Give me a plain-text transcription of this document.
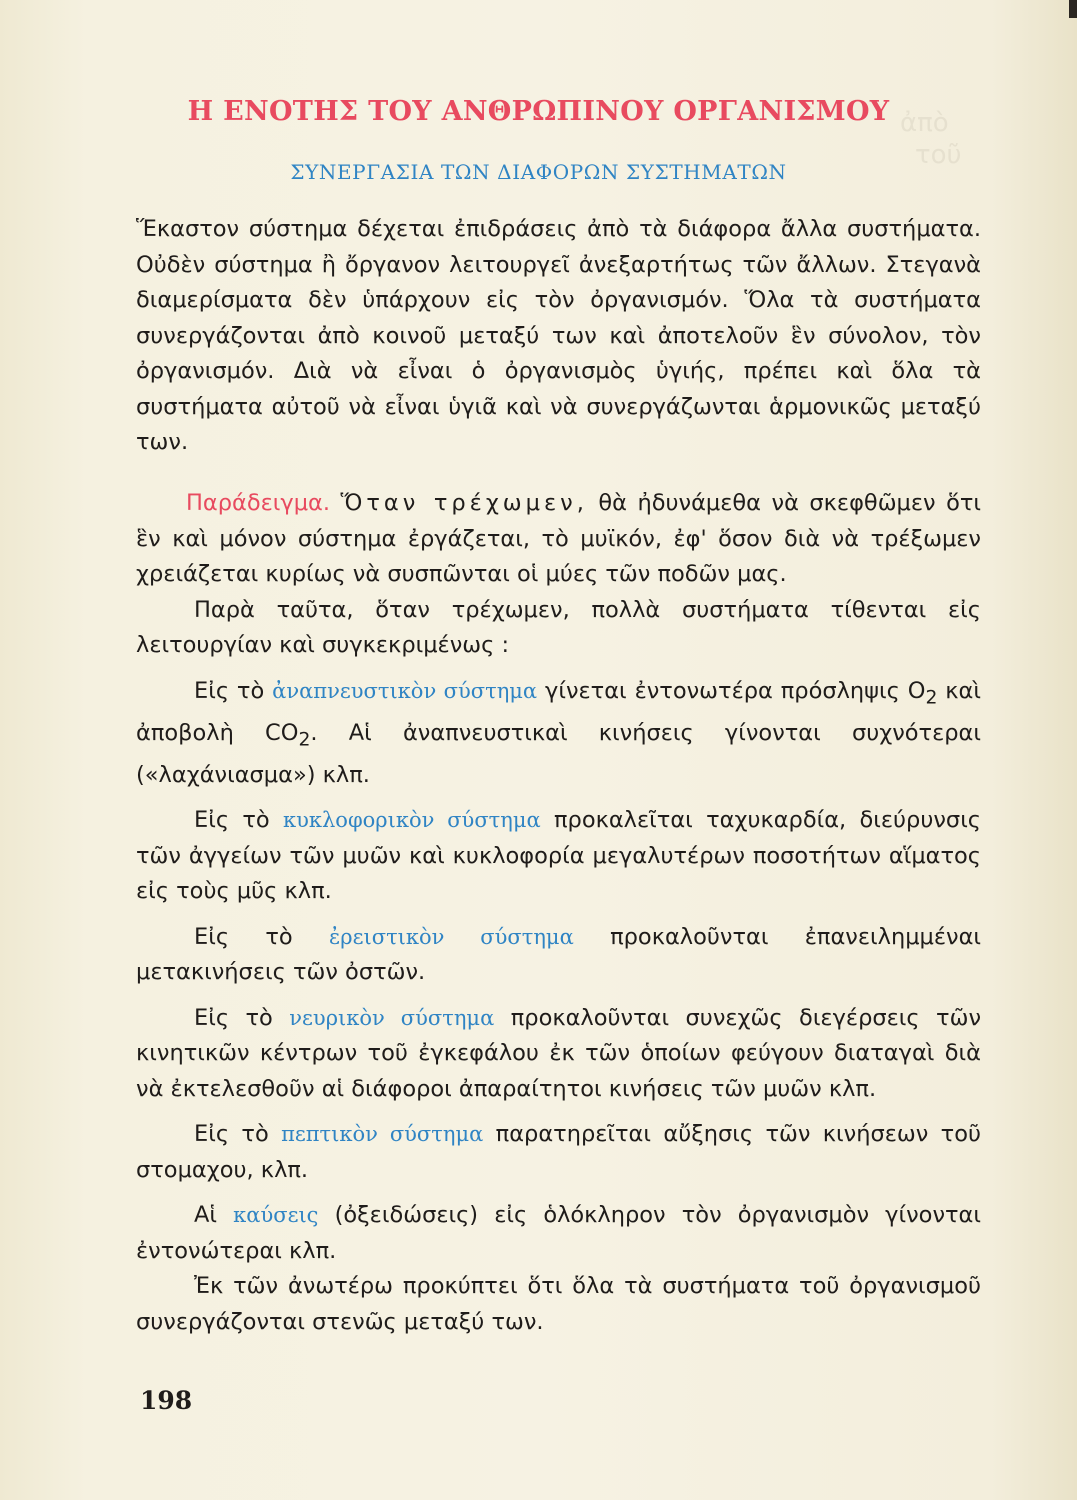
ἀπὸ
τοῦ
Η ΕΝΟΤΗΣ ΤΟΥ ΑΝΘΡΩΠΙΝΟΥ ΟΡΓΑΝΙΣΜΟΥ
ΣΥΝΕΡΓΑΣΙΑ ΤΩΝ ΔΙΑΦΟΡΩΝ ΣΥΣΤΗΜΑΤΩΝ

Ἕκαστον σύστημα δέχεται ἐπιδράσεις ἀπὸ τὰ διάφορα ἄλλα συστήματα. Οὐδὲν σύστημα ἢ ὄργανον λειτουργεῖ ἀνεξαρτήτως τῶν ἄλλων. Στεγανὰ διαμερίσματα δὲν ὑπάρχουν εἰς τὸν ὀργανισμόν. Ὅλα τὰ συστήματα συνεργάζονται ἀπὸ κοινοῦ μεταξύ των καὶ ἀποτελοῦν ἓν σύνολον, τὸν ὀργανισμόν. Διὰ νὰ εἶναι ὁ ὀργανισμὸς ὑγιής, πρέπει καὶ ὅλα τὰ συστήματα αὐτοῦ νὰ εἶναι ὑγιᾶ καὶ νὰ συνεργάζωνται ἁρμονικῶς μεταξύ των.

Παράδειγμα. Ὅταν τρέχωμεν, θὰ ἠδυνάμεθα νὰ σκεφθῶμεν ὅτι ἓν καὶ μόνον σύστημα ἐργάζεται, τὸ μυϊκόν, ἐφ' ὅσον διὰ νὰ τρέξωμεν χρειάζεται κυρίως νὰ συσπῶνται οἱ μύες τῶν ποδῶν μας.

Παρὰ ταῦτα, ὅταν τρέχωμεν, πολλὰ συστήματα τίθενται εἰς λειτουργίαν καὶ συγκεκριμένως :

Εἰς τὸ ἀναπνευστικὸν σύστημα γίνεται ἐντονωτέρα πρόσληψις $O_2$ καὶ ἀποβολὴ $CO_2$. Αἱ ἀναπνευστικαὶ κινήσεις γίνονται συχνότεραι («λαχάνιασμα») κλπ.

Εἰς τὸ κυκλοφορικὸν σύστημα προκαλεῖται ταχυκαρδία, διεύρυνσις τῶν ἀγγείων τῶν μυῶν καὶ κυκλοφορία μεγαλυτέρων ποσοτήτων αἵματος εἰς τοὺς μῦς κλπ.

Εἰς τὸ ἐρειστικὸν σύστημα προκαλοῦνται ἐπανειλημμέναι μετακινήσεις τῶν ὀστῶν.

Εἰς τὸ νευρικὸν σύστημα προκαλοῦνται συνεχῶς διεγέρσεις τῶν κινητικῶν κέντρων τοῦ ἐγκεφάλου ἐκ τῶν ὁποίων φεύγουν διαταγαὶ διὰ νὰ ἐκτελεσθοῦν αἱ διάφοροι ἀπαραίτητοι κινήσεις τῶν μυῶν κλπ.

Εἰς τὸ πεπτικὸν σύστημα παρατηρεῖται αὔξησις τῶν κινήσεων τοῦ στομαχου, κλπ.

Αἱ καύσεις (ὀξειδώσεις) εἰς ὁλόκληρον τὸν ὀργανισμὸν γίνονται ἐντονώτεραι κλπ.

Ἐκ τῶν ἀνωτέρω προκύπτει ὅτι ὅλα τὰ συστήματα τοῦ ὀργανισμοῦ συνεργάζονται στενῶς μεταξύ των.

198
